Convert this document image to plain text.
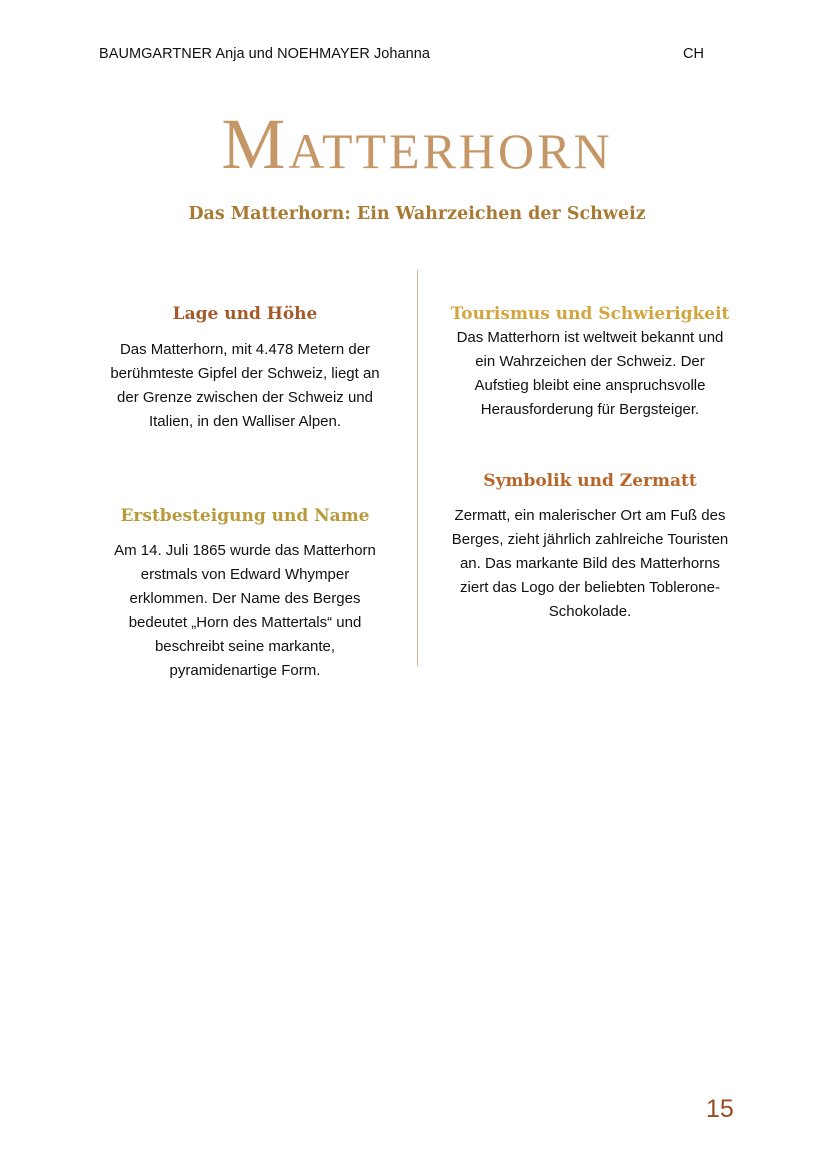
BAUMGARTNER Anja und NOEHMAYER Johanna	CH
Matterhorn
Das Matterhorn: Ein Wahrzeichen der Schweiz
Lage und Höhe
Das Matterhorn, mit 4.478 Metern der berühmteste Gipfel der Schweiz, liegt an der Grenze zwischen der Schweiz und Italien, in den Walliser Alpen.
Erstbesteigung und Name
Am 14. Juli 1865 wurde das Matterhorn erstmals von Edward Whymper erklommen. Der Name des Berges bedeutet „Horn des Mattertals“ und beschreibt seine markante, pyramidenartige Form.
Tourismus und Schwierigkeit
Das Matterhorn ist weltweit bekannt und ein Wahrzeichen der Schweiz. Der Aufstieg bleibt eine anspruchsvolle Herausforderung für Bergsteiger.
Symbolik und Zermatt
Zermatt, ein malerischer Ort am Fuß des Berges, zieht jährlich zahlreiche Touristen an. Das markante Bild des Matterhorns ziert das Logo der beliebten Toblerone-Schokolade.
15
